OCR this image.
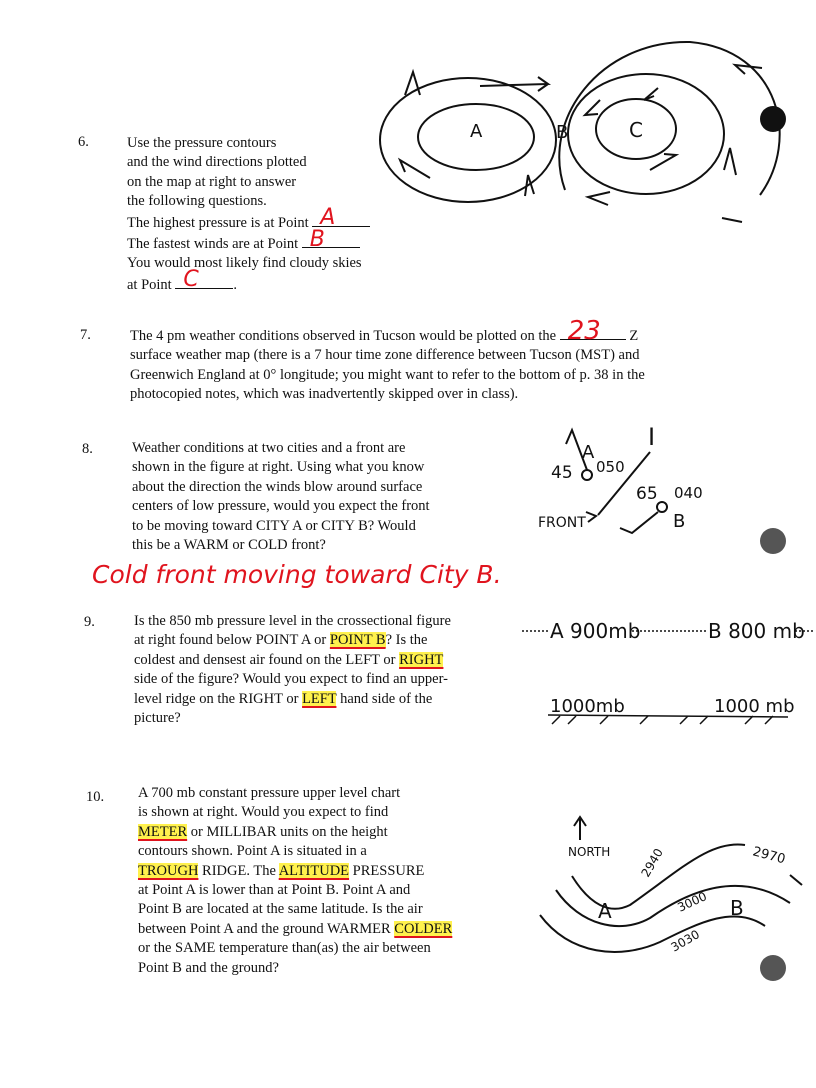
6.	Use the pressure contours
and the wind directions plotted
on the map at right to answer
the following questions.
The highest pressure is at Point A
The fastest winds are at Point B
You would most likely find cloudy skies
at Point C .
A	B	C
7.	The 4 pm weather conditions observed in Tucson would be plotted on the 23 Z
surface weather map (there is a 7 hour time zone difference between Tucson (MST) and
Greenwich England at 0° longitude; you might want to refer to the bottom of p. 38 in the
photocopied notes, which was inadvertently skipped over in class).
8.	Weather conditions at two cities and a front are
shown in the figure at right. Using what you know
about the direction the winds blow around surface
centers of low pressure, would you expect the front
to be moving toward CITY A or CITY B? Would
this be a WARM or COLD front?
A
45 050
I
65 040
B
FRONT
Cold front moving toward City B.
9.	Is the 850 mb pressure level in the crossectional figure
at right found below POINT A or POINT B? Is the
coldest and densest air found on the LEFT or RIGHT
side of the figure? Would you expect to find an upper-
level ridge on the RIGHT or LEFT hand side of the
picture?
A 900mb	B 800 mb
1000mb	1000 mb
10. A 700 mb constant pressure upper level chart
is shown at right. Would you expect to find
METER or MILLIBAR units on the height
contours shown. Point A is situated in a
TROUGH RIDGE. The ALTITUDE PRESSURE
at Point A is lower than at Point B. Point A and
Point B are located at the same latitude. Is the air
between Point A and the ground WARMER COLDER
or the SAME temperature than(as) the air between
Point B and the ground?
NORTH
A	B
2940	2970
3000
3030
